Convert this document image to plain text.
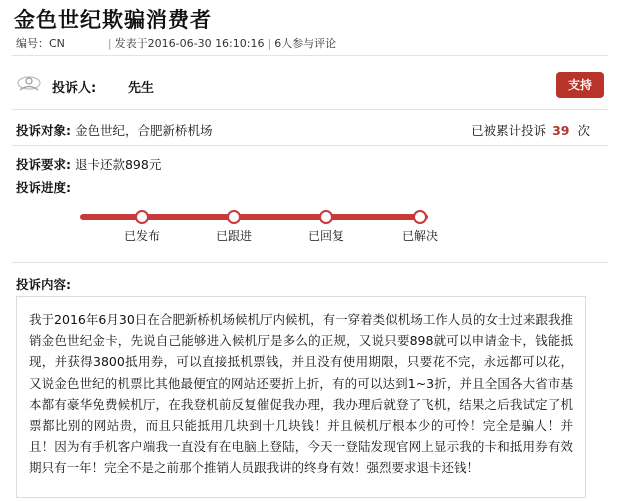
金色世纪欺骗消费者
编号：CN	| 发表于2016-06-30 16:10:16 | 6人参与评论
投诉人: 先生	支持
投诉对象: 金色世纪，合肥新桥机场	已被累计投诉 39 次
投诉要求: 退卡还款898元
投诉进度:
已发布	已跟进	已回复	已解决
投诉内容:

我于2016年6月30日在合肥新桥机场候机厅内候机，有一穿着类似机场工作人员的女士过来跟我推销金色世纪金卡，先说自己能够进入候机厅是多么的正规，又说只要898就可以申请金卡，钱能抵现，并获得3800抵用券，可以直接抵机票钱，并且没有使用期限，只要花不完，永远都可以花，又说金色世纪的机票比其他最便宜的网站还要折上折，有的可以达到1~3折，并且全国各大省市基本都有豪华免费候机厅，在我登机前反复催促我办理，我办理后就登了飞机，结果之后我试定了机票都比别的网站贵，而且只能抵用几块到十几块钱！并且候机厅根本少的可怜！完全是骗人！并且！因为有手机客户端我一直没有在电脑上登陆，今天一登陆发现官网上显示我的卡和抵用券有效期只有一年！完全不是之前那个推销人员跟我讲的终身有效！强烈要求退卡还钱！
